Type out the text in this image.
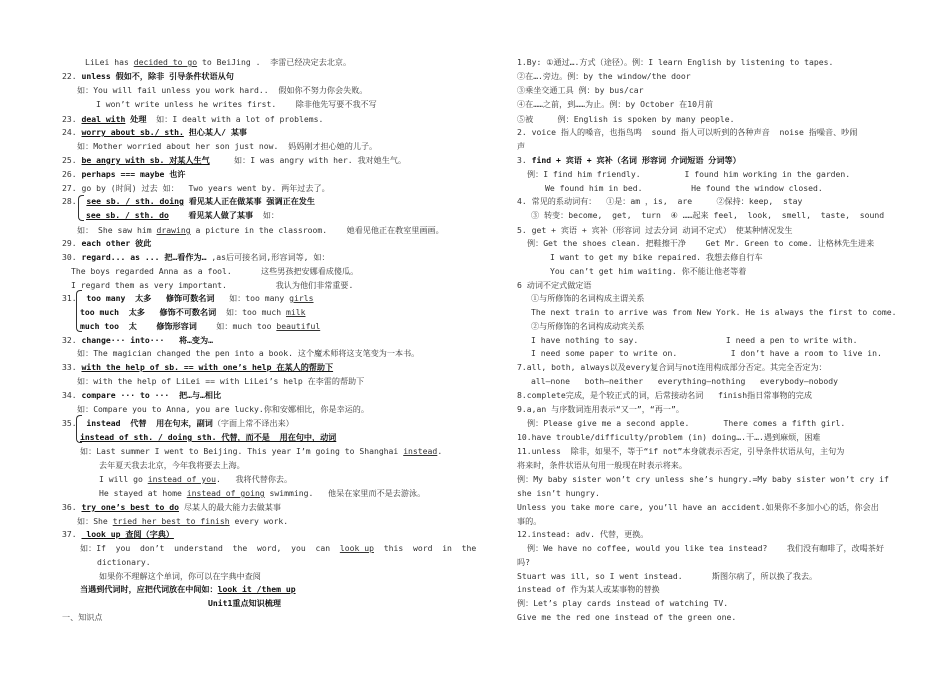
LiLei has decided to go to BeiJing .  李雷已经决定去北京。
22. unless 假如不，除非 引导条件状语从句
如：You will fail unless you work hard..  假如你不努力你会失败。
I won’t write unless he writes first.    除非他先写要不我不写
23. deal with 处理  如：I dealt with a lot of problems.
24. worry about sb./ sth. 担心某人/ 某事
如：Mother worried about her son just now.  妈妈刚才担心她的儿子。
25. be angry with sb. 对某人生气     如：I was angry with her. 我对她生气。
26. perhaps === maybe 也许
27. go by (时间) 过去 如：  Two years went by. 两年过去了。
28.  see sb. / sth. doing 看见某人正在做某事 强调正在发生
see sb. / sth. do    看见某人做了某事  如：
如： She saw him drawing a picture in the classroom.    她看见他正在教室里画画。
29. each other 彼此
30. regard... as ... 把…看作为… ,as后可接名词,形容词等, 如：
The boys regarded Anna as a fool.      这些男孩把安娜看成傻瓜。
I regard them as very important.          我认为他们非常重要.
31.  too many  太多   修饰可数名词   如：too many girls
too much  太多   修饰不可数名词  如：too much milk
much too  太    修饰形容词    如：much too beautiful
32. change··· into···   将…变为…
如：The magician changed the pen into a book. 这个魔术师将这支笔变为一本书。
33. with the help of sb. == with one’s help 在某人的帮助下
如：with the help of LiLei == with LiLei’s help 在李雷的帮助下
34. compare ··· to ···  把…与…相比
如：Compare you to Anna, you are lucky.你和安娜相比，你是幸运的。
35.  instead  代替  用在句末，副词（字面上常不译出来）
instead of sth. / doing sth. 代替，而不是  用在句中，动词
如：Last summer I went to Beijing. This year I’m going to Shanghai instead.
去年夏天我去北京，今年我将要去上海。
I will go instead of you.   我将代替你去。
He stayed at home instead of going swimming.   他呆在家里而不是去游泳。
36. try one’s best to do 尽某人的最大能力去做某事
如：She tried her best to finish every work.
37.  look up 查阅（字典）
如：If  you  don’t  understand  the  word,  you  can  look up  this  word  in  the
dictionary.
如果你不理解这个单词，你可以在字典中查阅
当遇到代词时，应把代词放在中间如：look it /them up
Unit1重点知识梳理
一、知识点
1.By: ①通过….方式（途径）。例：I learn English by listening to tapes.
②在….旁边。例：by the window/the door
③乘坐交通工具 例：by bus/car
④在……之前，到……为止。例：by October 在10月前
⑤被     例：English is spoken by many people.
2. voice 指人的嗓音，也指鸟鸣  sound 指人可以听到的各种声音  noise 指噪音、吵闹
声
3. find + 宾语 + 宾补（名词 形容词 介词短语 分词等）
例：I find him friendly.         I found him working in the garden.
We found him in bed.          He found the window closed.
4. 常见的系动词有：  ①是：am ，is,  are     ②保持：keep,  stay
③ 转变：become,  get,  turn  ④ ……起来 feel,  look,  smell,  taste,  sound
5. get + 宾语 + 宾补（形容词 过去分词 动词不定式） 使某种情况发生
例：Get the shoes clean. 把鞋擦干净    Get Mr. Green to come. 让格林先生进来
I want to get my bike repaired. 我想去修自行车
You can’t get him waiting. 你不能让他老等着
6 动词不定式做定语
①与所修饰的名词构成主谓关系
The next train to arrive was from New York. He is always the first to come.
②与所修饰的名词构成动宾关系
I have nothing to say.                  I need a pen to write with.
I need some paper to write on.           I don’t have a room to live in.
7.all, both, always以及every复合词与not连用构成部分否定。其完全否定为：
all—none   both—neither   everything—nothing   everybody—nobody
8.complete完成，是个较正式的词，后常接动名词   finish指日常事物的完成
9.a,an 与序数词连用表示“又一”，“再一”。
例：Please give me a second apple.       There comes a fifth girl.
10.have trouble/difficulty/problem (in) doing….干….遇到麻烦，困难
11.unless  除非，如果不，等于“if not”本身就表示否定，引导条件状语从句，主句为
将来时，条件状语从句用一般现在时表示将来。
例：My baby sister won’t cry unless she’s hungry.=My baby sister won’t cry if
she isn’t hungry.
Unless you take more care, you’ll have an accident.如果你不多加小心的话，你会出
事的。
12.instead: adv. 代替，更换。
例：We have no coffee, would you like tea instead?    我们没有咖啡了，改喝茶好
吗?
Stuart was ill, so I went instead.      斯图尔病了，所以换了我去。
instead of 作为某人或某事物的替换
例：Let’s play cards instead of watching TV.
Give me the red one instead of the green one.
